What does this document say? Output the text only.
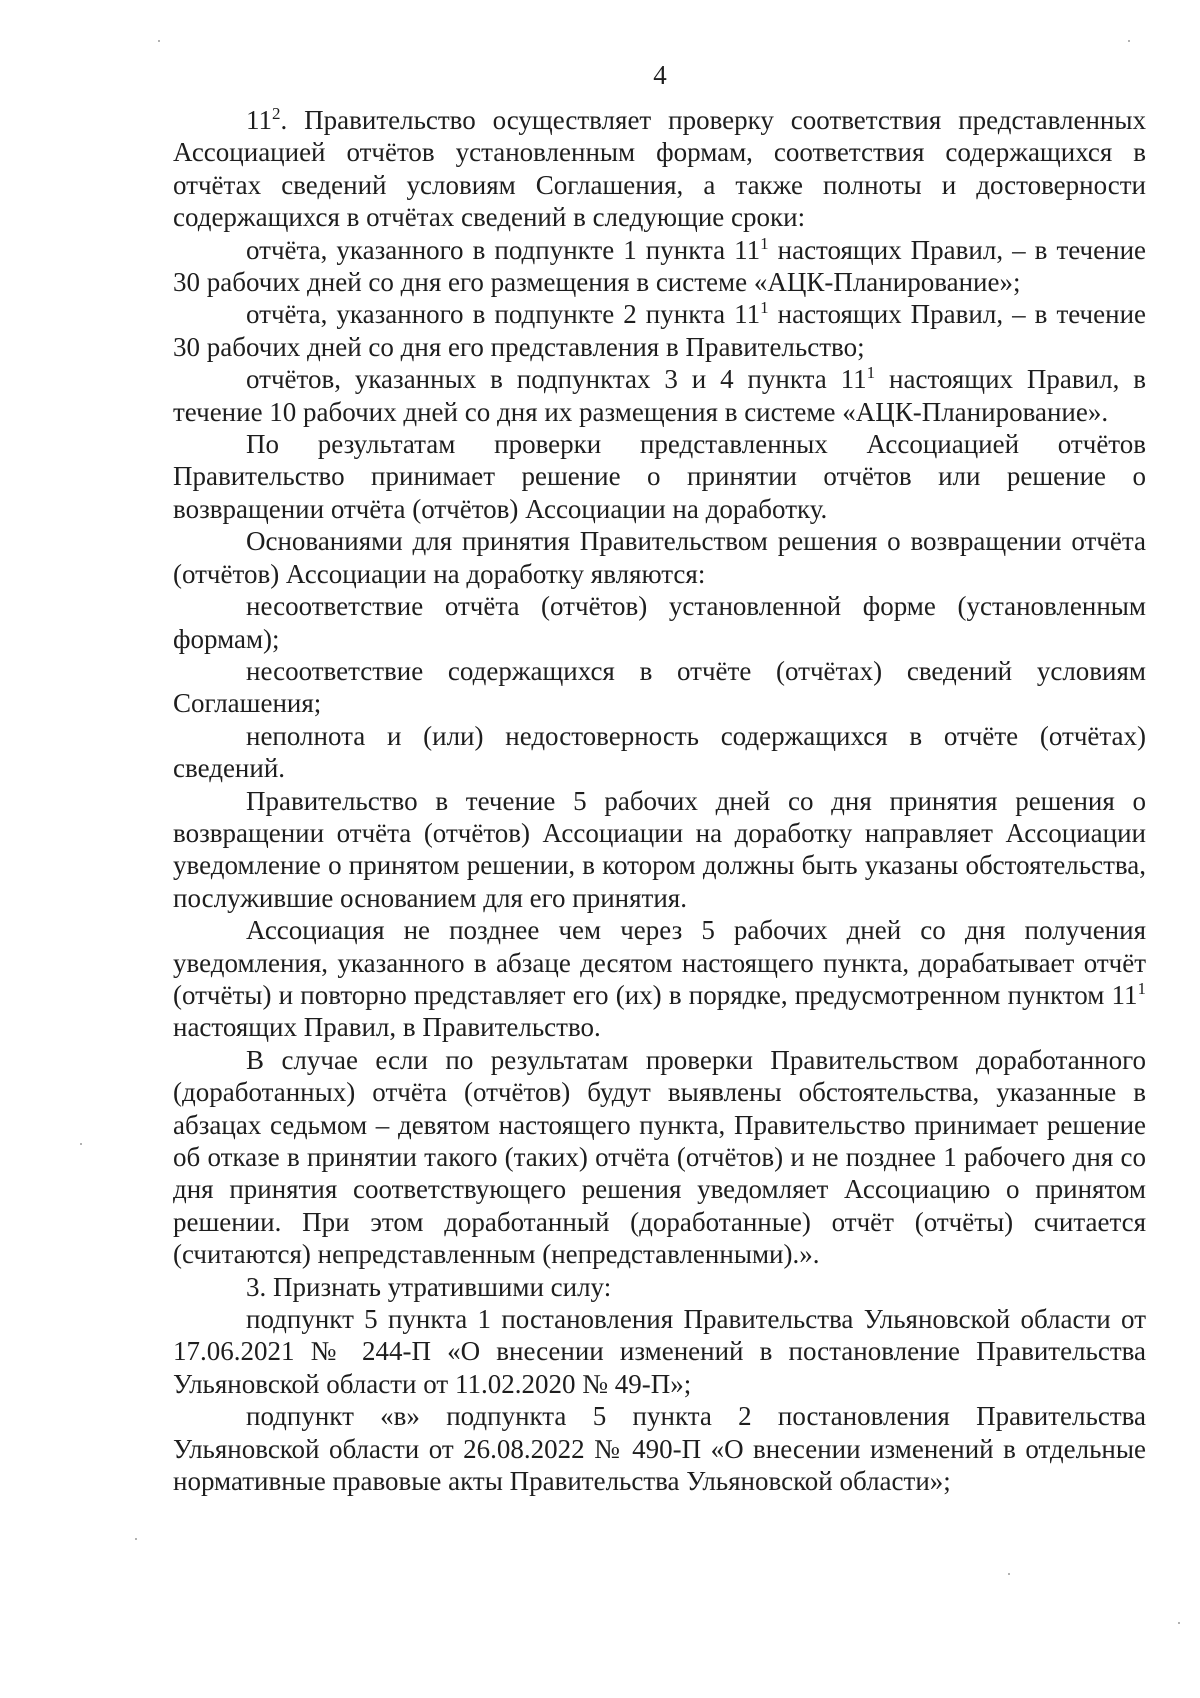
4

$11^2$. Правительство осуществляет проверку соответствия представленных Ассоциацией отчётов установленным формам, соответствия содержащихся в отчётах сведений условиям Соглашения, а также полноты и достоверности содержащихся в отчётах сведений в следующие сроки:

отчёта, указанного в подпункте 1 пункта $11^1$ настоящих Правил, – в течение 30 рабочих дней со дня его размещения в системе «АЦК-Планирование»;

отчёта, указанного в подпункте 2 пункта $11^1$ настоящих Правил, – в течение 30 рабочих дней со дня его представления в Правительство;

отчётов, указанных в подпунктах 3 и 4 пункта $11^1$ настоящих Правил, в течение 10 рабочих дней со дня их размещения в системе «АЦК-Планирование».

По результатам проверки представленных Ассоциацией отчётов Правительство принимает решение о принятии отчётов или решение о возвращении отчёта (отчётов) Ассоциации на доработку.

Основаниями для принятия Правительством решения о возвращении отчёта (отчётов) Ассоциации на доработку являются:

несоответствие отчёта (отчётов) установленной форме (установленным формам);

несоответствие содержащихся в отчёте (отчётах) сведений условиям Соглашения;

неполнота и (или) недостоверность содержащихся в отчёте (отчётах) сведений.

Правительство в течение 5 рабочих дней со дня принятия решения о возвращении отчёта (отчётов) Ассоциации на доработку направляет Ассоциации уведомление о принятом решении, в котором должны быть указаны обстоятельства, послужившие основанием для его принятия.

Ассоциация не позднее чем через 5 рабочих дней со дня получения уведомления, указанного в абзаце десятом настоящего пункта, дорабатывает отчёт (отчёты) и повторно представляет его (их) в порядке, предусмотренном пунктом $11^1$ настоящих Правил, в Правительство.

В случае если по результатам проверки Правительством доработанного (доработанных) отчёта (отчётов) будут выявлены обстоятельства, указанные в абзацах седьмом – девятом настоящего пункта, Правительство принимает решение об отказе в принятии такого (таких) отчёта (отчётов) и не позднее 1 рабочего дня со дня принятия соответствующего решения уведомляет Ассоциацию о принятом решении. При этом доработанный (доработанные) отчёт (отчёты) считается (считаются) непредставленным (непредставленными).».

3. Признать утратившими силу:

подпункт 5 пункта 1 постановления Правительства Ульяновской области от 17.06.2021 № 244-П «О внесении изменений в постановление Правительства Ульяновской области от 11.02.2020 № 49-П»;

подпункт «в» подпункта 5 пункта 2 постановления Правительства Ульяновской области от 26.08.2022 № 490-П «О внесении изменений в отдельные нормативные правовые акты Правительства Ульяновской области»;
